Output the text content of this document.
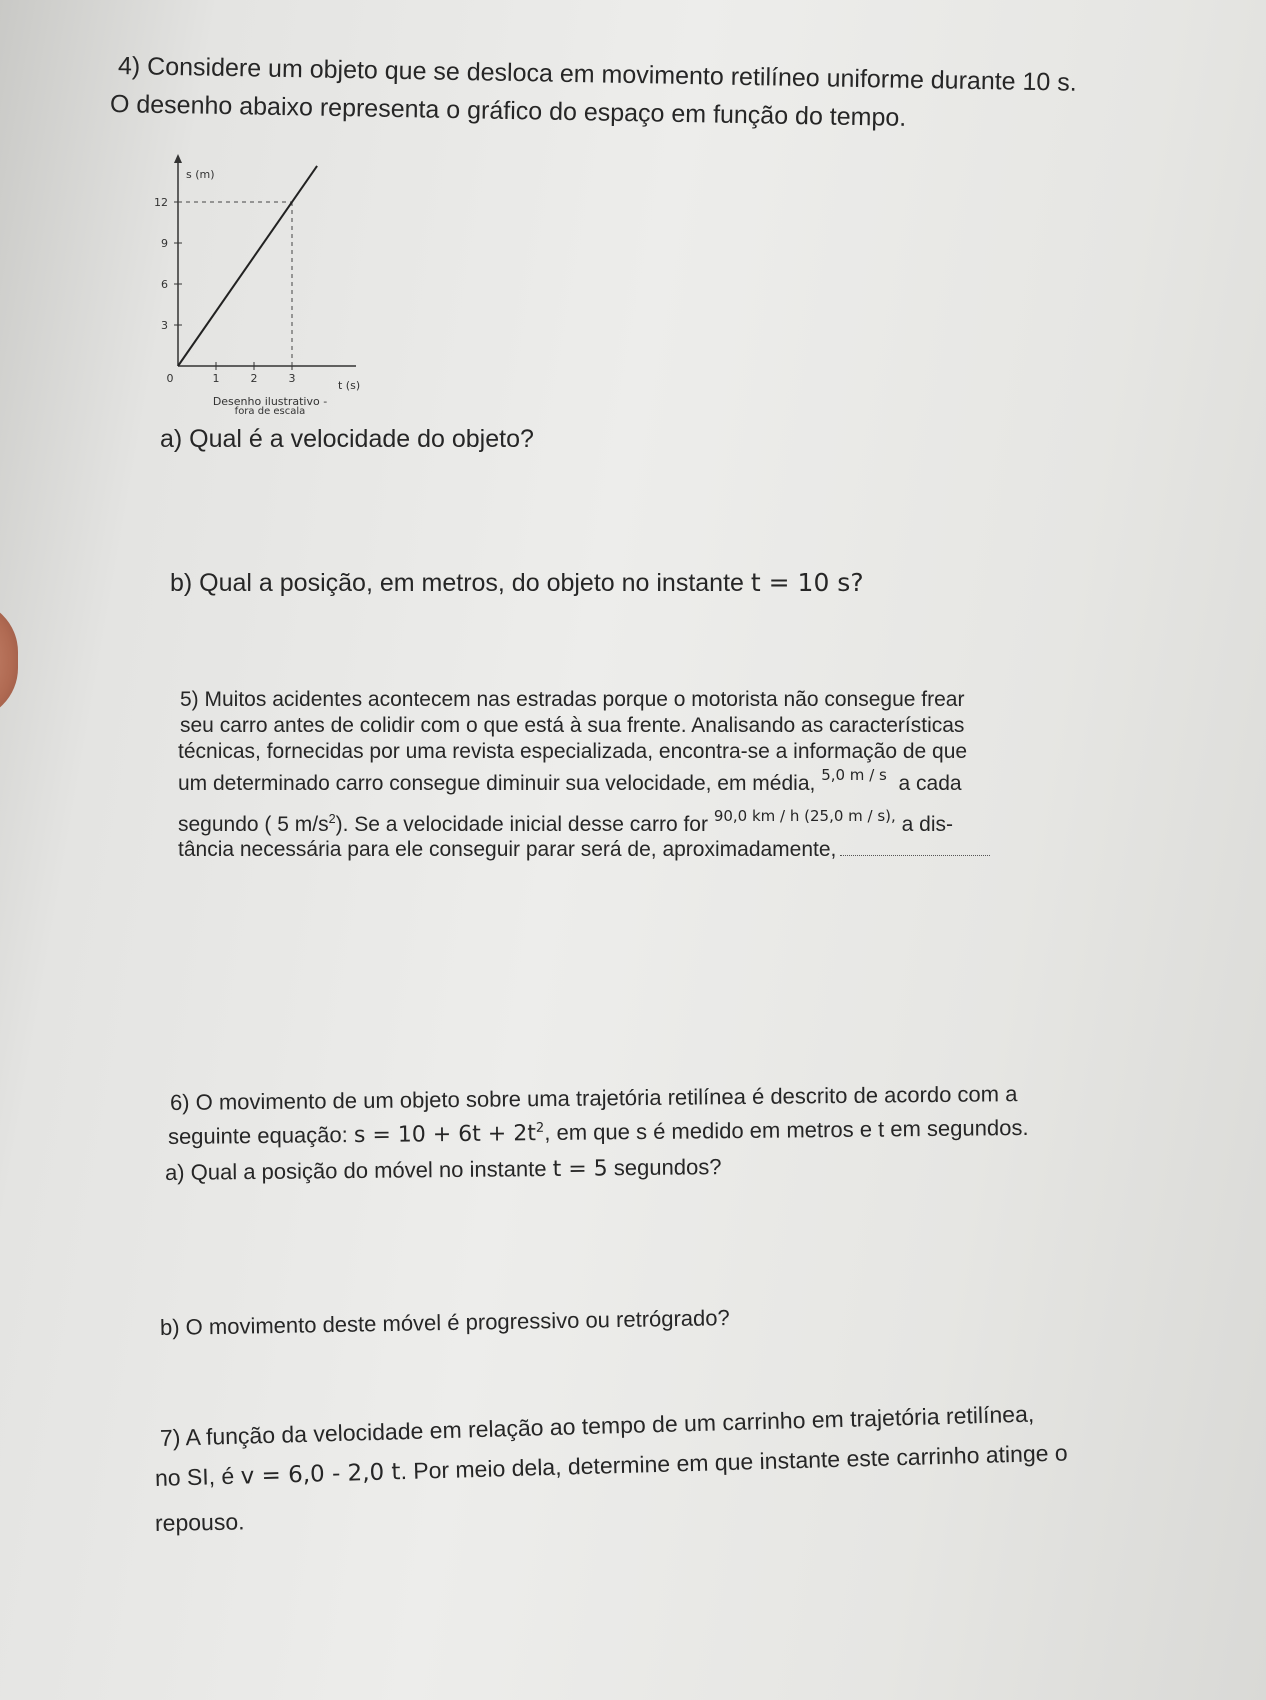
4) Considere um objeto que se desloca em movimento retilíneo uniforme durante 10 s.

O desenho abaixo representa o gráfico do espaço em função do tempo.

0	1	2	3
3
6
9
12
s (m)
t (s)
Desenho ilustrativo -
fora de escala

a) Qual é a velocidade do objeto?

b) Qual a posição, em metros, do objeto no instante t = 10 s?

5) Muitos acidentes acontecem nas estradas porque o motorista não consegue frear

seu carro antes de colidir com o que está à sua frente. Analisando as características

técnicas, fornecidas por uma revista especializada, encontra-se a informação de que

um determinado carro consegue diminuir sua velocidade, em média, $^{5,0 m / s}$ a cada

segundo ( 5 $m/s^2$). Se a velocidade inicial desse carro for $^{90,0 km / h (25,0 m / s),}$ a dis-

tância necessária para ele conseguir parar será de, aproximadamente,

6) O movimento de um objeto sobre uma trajetória retilínea é descrito de acordo com a

seguinte equação: $s = 10 + 6t + 2t^2$, em que s é medido em metros e t em segundos.

a) Qual a posição do móvel no instante t = 5 segundos?

b) O movimento deste móvel é progressivo ou retrógrado?

7) A função da velocidade em relação ao tempo de um carrinho em trajetória retilínea,

no SI, é v = 6,0 - 2,0 t. Por meio dela, determine em que instante este carrinho atinge o

repouso.
